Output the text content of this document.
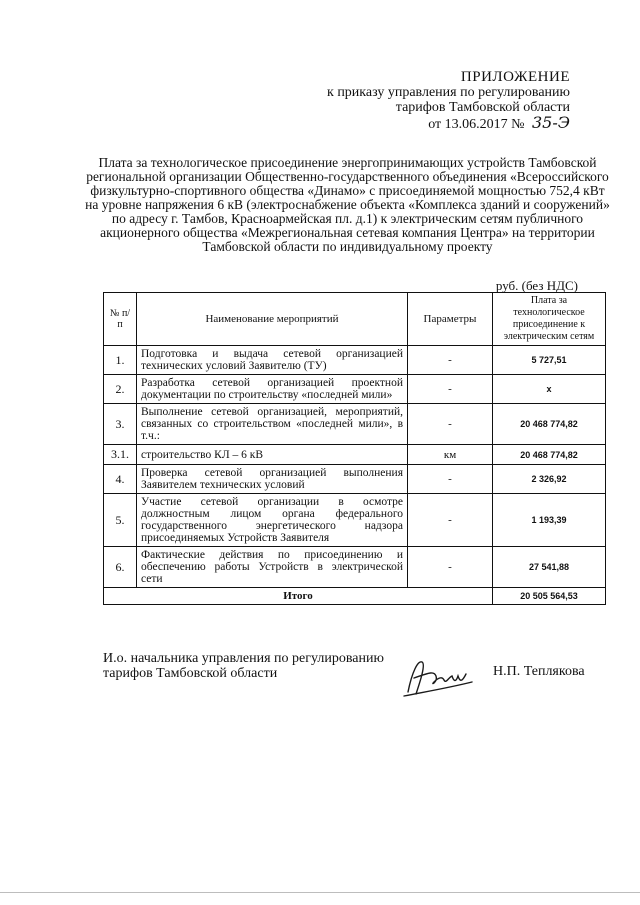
ПРИЛОЖЕНИЕ
к приказу управления по регулированию
тарифов Тамбовской области
от 13.06.2017 № 35-Э
Плата за технологическое присоединение энергопринимающих устройств Тамбовской региональной организации Общественно-государственного объединения «Всероссийского физкультурно-спортивного общества «Динамо» с присоединяемой мощностью 752,4 кВт на уровне напряжения 6 кВ (электроснабжение объекта «Комплекса зданий и сооружений» по адресу г. Тамбов, Красноармейская пл. д.1) к электрическим сетям публичного акционерного общества «Межрегиональная сетевая компания Центра» на территории Тамбовской области по индивидуальному проекту
руб. (без НДС)
№ п/п	Наименование мероприятий	Параметры	Плата за технологическое присоединение к электрическим сетям
1.	Подготовка и выдача сетевой организацией технических условий Заявителю (ТУ)	-	5 727,51
2.	Разработка сетевой организацией проектной документации по строительству «последней мили»	-	х
3.	Выполнение сетевой организацией, мероприятий, связанных со строительством «последней мили», в т.ч.:	-	20 468 774,82
3.1.	строительство КЛ – 6 кВ	км	20 468 774,82
4.	Проверка сетевой организацией выполнения Заявителем технических условий	-	2 326,92
5.	Участие сетевой организации в осмотре должностным лицом органа федерального государственного энергетического надзора присоединяемых Устройств Заявителя	-	1 193,39
6.	Фактические действия по присоединению и обеспечению работы Устройств в электрической сети	-	27 541,88
Итого			20 505 564,53
И.о. начальника управления по регулированию
тарифов Тамбовской области	Н.П. Теплякова
